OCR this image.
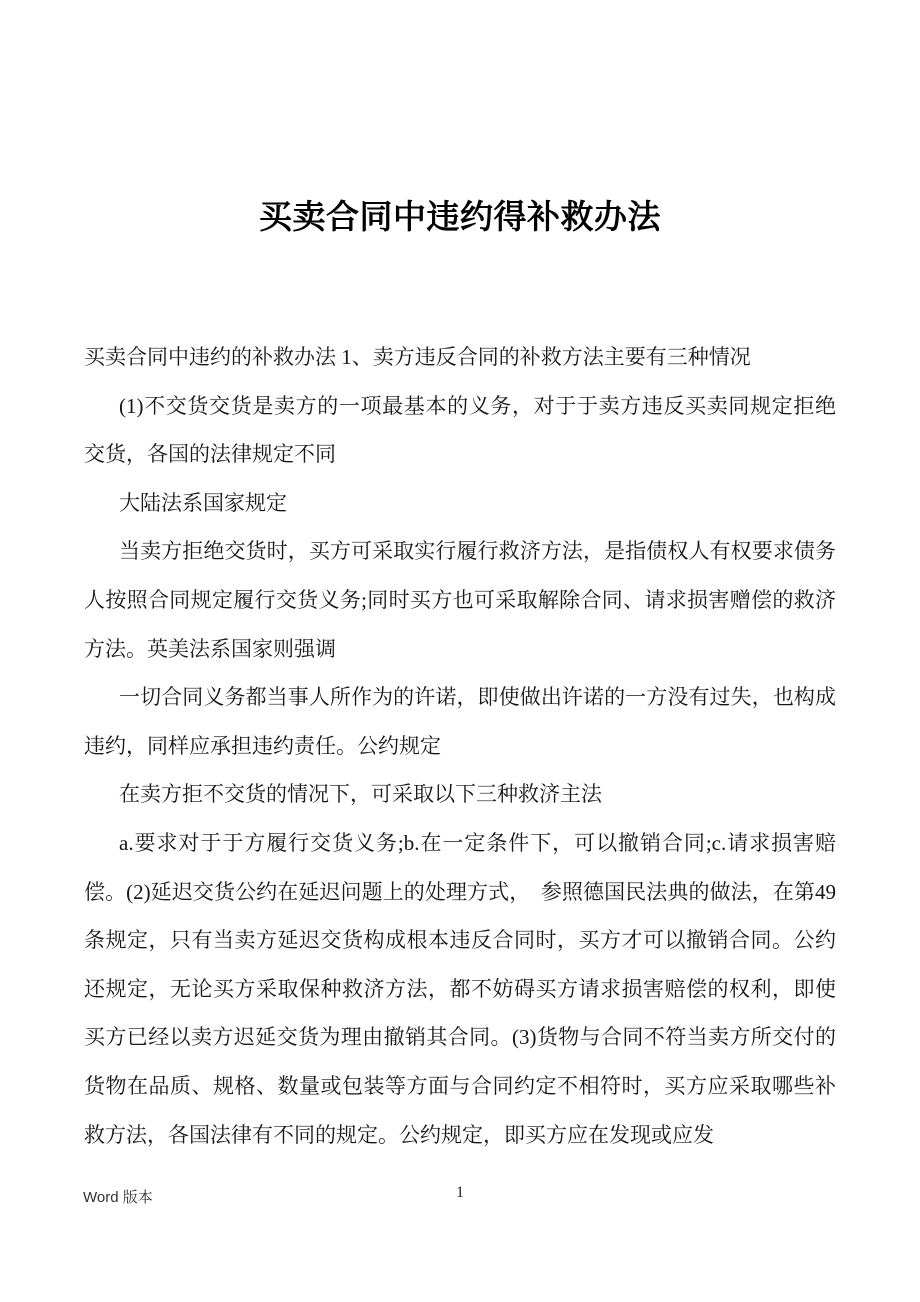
买卖合同中违约得补救办法

买卖合同中违约的补救办法 1、卖方违反合同的补救方法主要有三种情况

(1)不交货交货是卖方的一项最基本的义务，对于于卖方违反买卖同规定拒绝交货，各国的法律规定不同

大陆法系国家规定

当卖方拒绝交货时，买方可采取实行履行救济方法，是指债权人有权要求债务人按照合同规定履行交货义务;同时买方也可采取解除合同、请求损害赠偿的救济方法。英美法系国家则强调

一切合同义务都当事人所作为的许诺，即使做出许诺的一方没有过失，也构成违约，同样应承担违约责任。公约规定

在卖方拒不交货的情况下，可采取以下三种救济主法

a.要求对于于方履行交货义务;b.在一定条件下，可以撤销合同;c.请求损害赔偿。(2)延迟交货公约在延迟问题上的处理方式，　参照德国民法典的做法，在第49 条规定，只有当卖方延迟交货构成根本违反合同时，买方才可以撤销合同。公约还规定，无论买方采取保种救济方法，都不妨碍买方请求损害赔偿的权利，即使买方已经以卖方迟延交货为理由撤销其合同。(3)货物与合同不符当卖方所交付的货物在品质、规格、数量或包装等方面与合同约定不相符时，买方应采取哪些补救方法，各国法律有不同的规定。公约规定，即买方应在发现或应发

Word 版本	1
